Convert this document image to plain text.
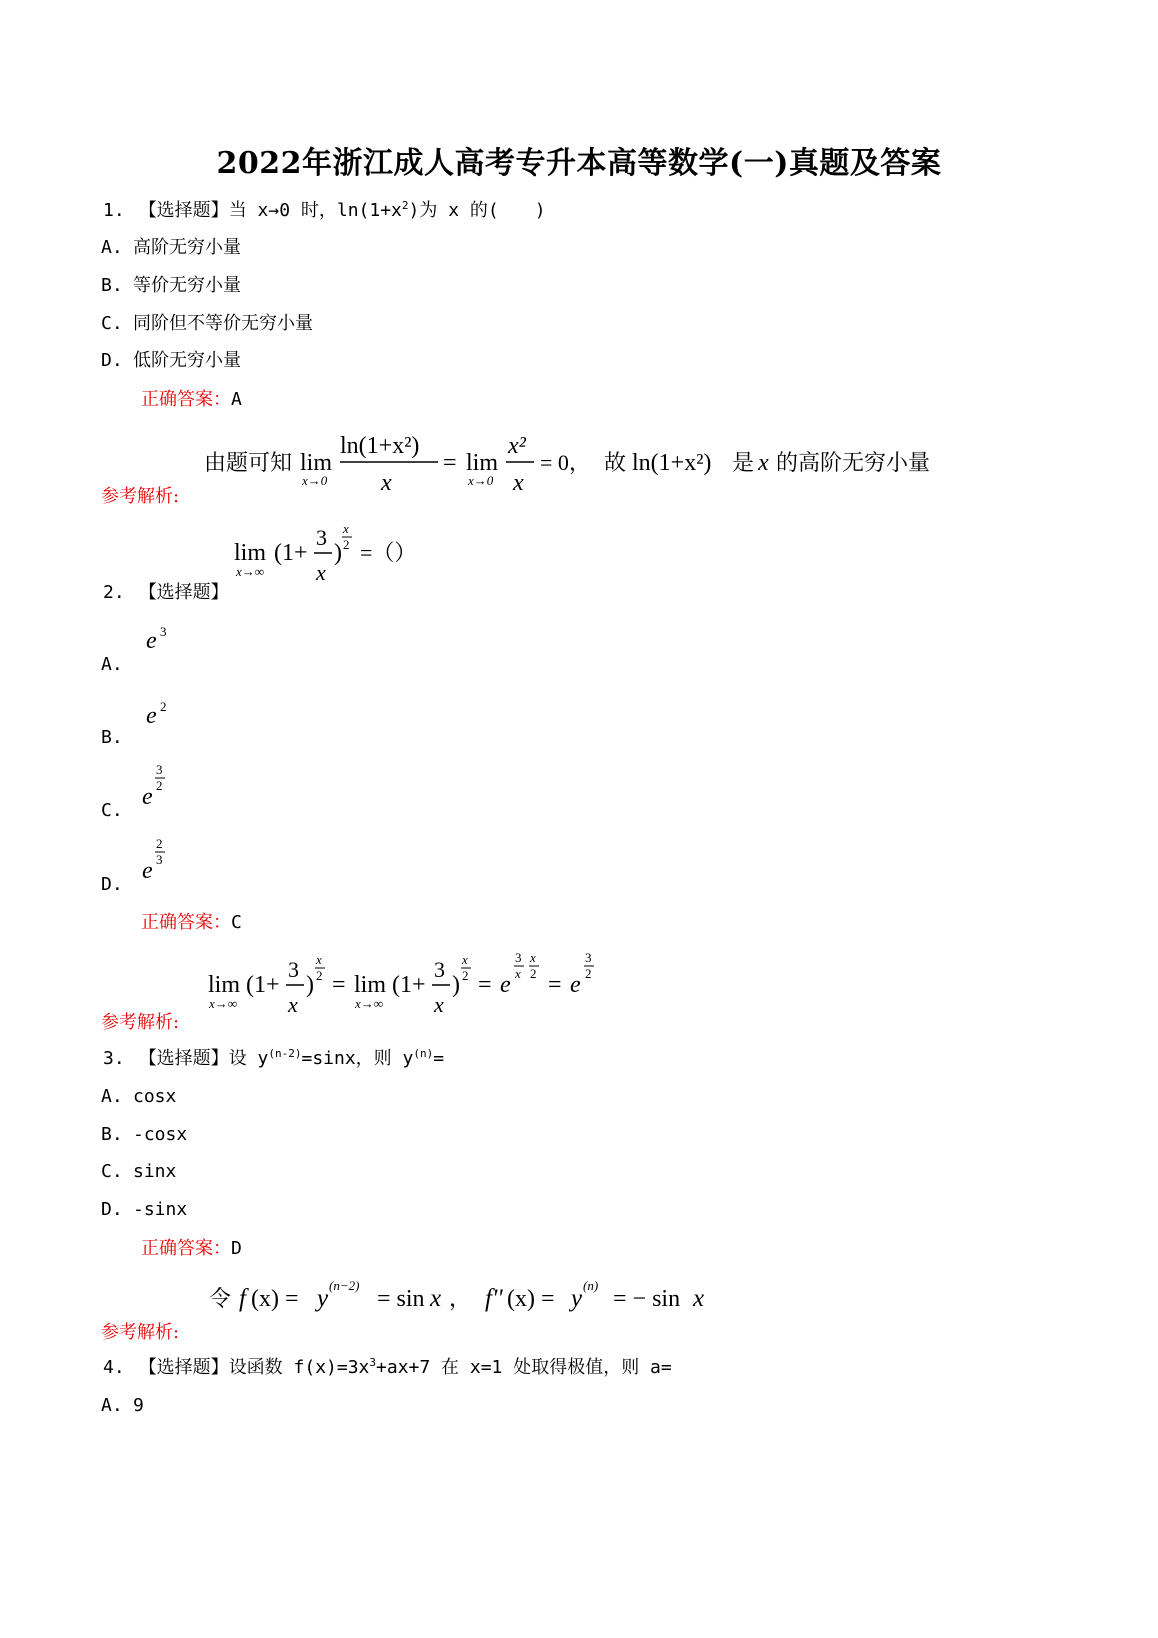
2022年浙江成人高考专升本高等数学(一)真题及答案
1. 【选择题】当 x→0 时，$\ln(1+x^2)$为 x 的(　　)
A. 高阶无穷小量
B. 等价无穷小量
C. 同阶但不等价无穷小量
D. 低阶无穷小量
正确答案：A
由题可知 lim
x→0
ln(1+x²)
x
= lim
x→0
x²
x
= 0， 故 ln(1+x²) 是 x 的高阶无穷小量
参考解析:
lim
x→∞
(1+
3
x
)
x
2 =（）
2. 【选择题】
A.
e 3
B.
e 2
C.
e
3
2
D.
e
2
3
正确答案：C
lim
x→∞
(1+
3
x
)
x
2 = lim
x→∞
(1+
3
x
)
x
2 = e
3
x
x
2 = e
3
2
参考解析:
3. 【选择题】设 $y^{(n-2)}=\sin x$，则 $y^{(n)}=$
A. cosx
B. -cosx
C. sinx
D. -sinx
正确答案：D
令 f (x) = y (n−2)
= sin x ， f'' (x) = y (n)
= − sin x
参考解析:
4. 【选择题】设函数 $f(x)=3x^3+ax+7$ 在 x=1 处取得极值，则 a=
A. 9
